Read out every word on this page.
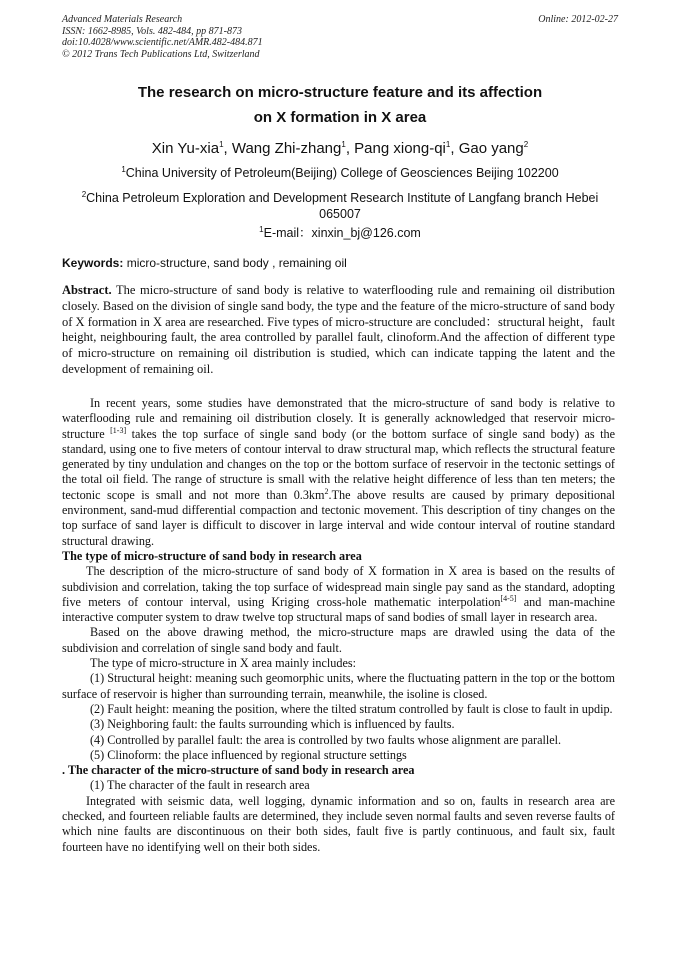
Advanced Materials Research
ISSN: 1662-8985, Vols. 482-484, pp 871-873
doi:10.4028/www.scientific.net/AMR.482-484.871
© 2012 Trans Tech Publications Ltd, Switzerland
Online: 2012-02-27
The research on micro-structure feature and its affection
on X formation in X area
Xin Yu-xia$^1$, Wang Zhi-zhang$^1$, Pang xiong-$qi^1$, Gao yang$^2$
$^1$China University of Petroleum(Beijing) College of Geosciences Beijing 102200
$^2$China Petroleum Exploration and Development Research Institute of Langfang branch Hebei 065007
$^1$E-mail：xinxin_bj@126.com
Keywords: micro-structure, sand body , remaining oil
Abstract. The micro-structure of sand body is relative to waterflooding rule and remaining oil distribution closely. Based on the division of single sand body, the type and the feature of the micro-structure of sand body of X formation in X area are researched. Five types of micro-structure are concluded：structural height，fault height, neighbouring fault, the area controlled by parallel fault, clinoform.And the affection of different type of micro-structure on remaining oil distribution is studied, which can indicate tapping the latent and the development of remaining oil.

In recent years, some studies have demonstrated that the micro-structure of sand body is relative to waterflooding rule and remaining oil distribution closely. It is generally acknowledged that reservoir micro-structure [1-3] takes the top surface of single sand body (or the bottom surface of single sand body) as the standard, using one to five meters of contour interval to draw structural map, which reflects the structural feature generated by tiny undulation and changes on the top or the bottom surface of reservoir in the tectonic settings of the total oil field. The range of structure is small with the relative height difference of less than ten meters; the tectonic scope is small and not more than $0.3km^2.The$ above results are caused by primary depositional environment, sand-mud differential compaction and tectonic movement. This description of tiny changes on the top surface of sand layer is difficult to discover in large interval and wide contour interval of routine standard structural drawing.

The type of micro-structure of sand body in research area

The description of the micro-structure of sand body of X formation in X area is based on the results of subdivision and correlation, taking the top surface of widespread main single pay sand as the standard, adopting five meters of contour interval, using Kriging cross-hole mathematic interpolation[4-5] and man-machine interactive computer system to draw twelve top structural maps of sand bodies of small layer in research area.

Based on the above drawing method, the micro-structure maps are drawled using the data of the subdivision and correlation of single sand body and fault.

The type of micro-structure in X area mainly includes:

(1) Structural height: meaning such geomorphic units, where the fluctuating pattern in the top or the bottom surface of reservoir is higher than surrounding terrain, meanwhile, the isoline is closed.

(2) Fault height: meaning the position, where the tilted stratum controlled by fault is close to fault in updip.

(3) Neighboring fault: the faults surrounding which is influenced by faults.

(4) Controlled by parallel fault: the area is controlled by two faults whose alignment are parallel.

(5) Clinoform: the place influenced by regional structure settings

. The character of the micro-structure of sand body in research area

(1) The character of the fault in research area

Integrated with seismic data, well logging, dynamic information and so on, faults in research area are checked, and fourteen reliable faults are determined, they include seven normal faults and seven reverse faults of which nine faults are discontinuous on their both sides, fault five is partly continuous, and fault six, fault fourteen have no identifying well on their both sides.
